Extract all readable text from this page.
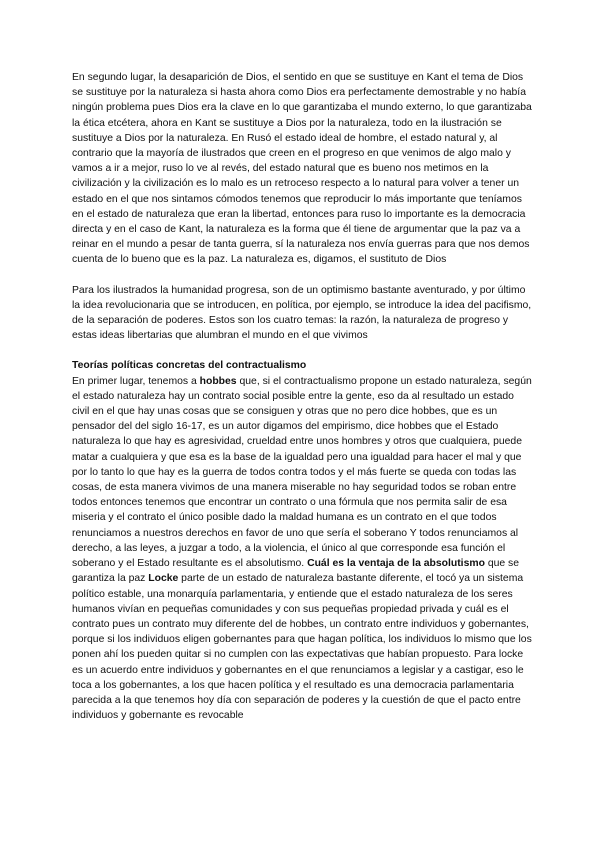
En segundo lugar, la desaparición de Dios, el sentido en que se sustituye en Kant el tema de Dios se sustituye por la naturaleza si hasta ahora como Dios era perfectamente demostrable y no había ningún problema pues Dios era la clave en lo que garantizaba el mundo externo, lo que garantizaba la ética etcétera, ahora en Kant se sustituye a Dios por la naturaleza, todo en la ilustración se sustituye a Dios por la naturaleza. En Rusó el estado ideal de hombre, el estado natural y, al contrario que la mayoría de ilustrados que creen en el progreso en que venimos de algo malo y vamos a ir a mejor, ruso lo ve al revés, del estado natural que es bueno nos metimos en la civilización y la civilización es lo malo es un retroceso respecto a lo natural para volver a tener un estado en el que nos sintamos cómodos tenemos que reproducir lo más importante que teníamos en el estado de naturaleza que eran la libertad, entonces para ruso lo importante es la democracia directa y en el caso de Kant, la naturaleza es la forma que él tiene de argumentar que la paz va a reinar en el mundo a pesar de tanta guerra, sí la naturaleza nos envía guerras para que nos demos cuenta de lo bueno que es la paz. La naturaleza es, digamos, el sustituto de Dios

Para los ilustrados la humanidad progresa, son de un optimismo bastante aventurado, y por último la idea revolucionaria que se introducen, en política, por ejemplo, se introduce la idea del pacifismo, de la separación de poderes. Estos son los cuatro temas: la razón, la naturaleza de progreso y estas ideas libertarias que alumbran el mundo en el que vivimos

Teorías políticas concretas del contractualismo

En primer lugar, tenemos a hobbes que, si el contractualismo propone un estado naturaleza, según el estado naturaleza hay un contrato social posible entre la gente, eso da al resultado un estado civil en el que hay unas cosas que se consiguen y otras que no pero dice hobbes, que es un pensador del del siglo 16-17, es un autor digamos del empirismo, dice hobbes que el Estado naturaleza lo que hay es agresividad, crueldad entre unos hombres y otros que cualquiera, puede matar a cualquiera y que esa es la base de la igualdad pero una igualdad para hacer el mal y que por lo tanto lo que hay es la guerra de todos contra todos y el más fuerte se queda con todas las cosas, de esta manera vivimos de una manera miserable no hay seguridad todos se roban entre todos entonces tenemos que encontrar un contrato o una fórmula que nos permita salir de esa miseria y el contrato el único posible dado la maldad humana es un contrato en el que todos renunciamos a nuestros derechos en favor de uno que sería el soberano Y todos renunciamos al derecho, a las leyes, a juzgar a todo, a la violencia, el único al que corresponde esa función el soberano y el Estado resultante es el absolutismo. Cuál es la ventaja de la absolutismo que se garantiza la paz Locke parte de un estado de naturaleza bastante diferente, el tocó ya un sistema político estable, una monarquía parlamentaria, y entiende que el estado naturaleza de los seres humanos vivían en pequeñas comunidades y con sus pequeñas propiedad privada y cuál es el contrato pues un contrato muy diferente del de hobbes, un contrato entre individuos y gobernantes, porque si los individuos eligen gobernantes para que hagan política, los individuos lo mismo que los ponen ahí los pueden quitar si no cumplen con las expectativas que habían propuesto. Para locke es un acuerdo entre individuos y gobernantes en el que renunciamos a legislar y a castigar, eso le toca a los gobernantes, a los que hacen política y el resultado es una democracia parlamentaria parecida a la que tenemos hoy día con separación de poderes y la cuestión de que el pacto entre individuos y gobernante es revocable
